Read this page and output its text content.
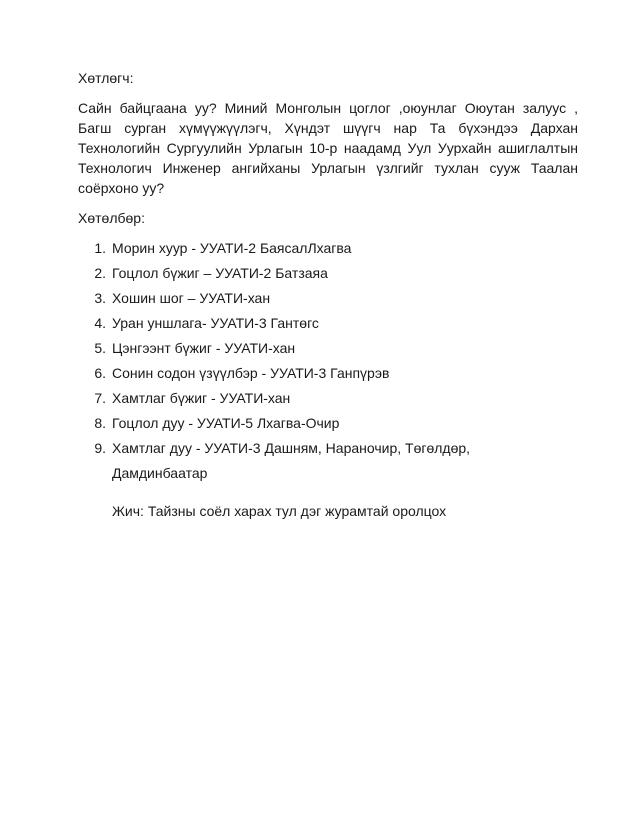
Хөтлөгч:

Сайн байцгаана уу? Миний Монголын цоглог ,оюунлаг Оюутан залуус , Багш сурган хүмүүжүүлэгч, Хүндэт шүүгч нар Та бүхэндээ Дархан Технологийн Сургуулийн Урлагын 10-р наадамд Уул Уурхайн ашиглалтын Технологич Инженер ангийханы Урлагын үзлгийг тухлан сууж Таалан соёрхоно уу?

Хөтөлбөр:

1. Морин хуур - УУАТИ-2 БаясалЛхагва
2. Гоцлол бүжиг – УУАТИ-2 Батзаяа
3. Хошин шог – УУАТИ-хан
4. Уран уншлага- УУАТИ-3 Гантөгс
5. Цэнгээнт бүжиг - УУАТИ-хан
6. Сонин содон үзүүлбэр - УУАТИ-3 Ганпүрэв
7. Хамтлаг бүжиг - УУАТИ-хан
8. Гоцлол дуу - УУАТИ-5 Лхагва-Очир
9. Хамтлаг дуу - УУАТИ-3 Дашням, Нараночир, Төгөлдөр,

Дамдинбаатар

Жич: Тайзны соёл харах тул дэг журамтай оролцох
